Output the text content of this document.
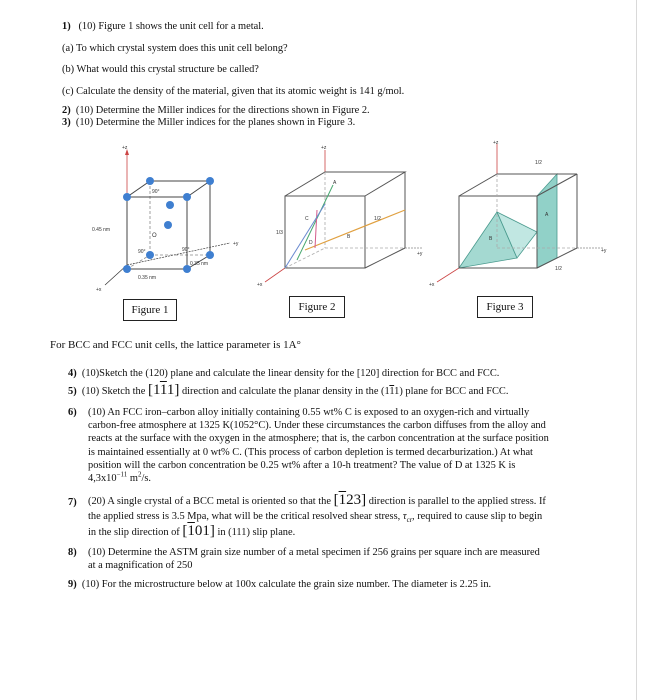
1) (10) Figure 1 shows the unit cell for a metal.
(a) To which crystal system does this unit cell belong?
(b) What would this crystal structure be called?
(c) Calculate the density of the material, given that its atomic weight is 141 g/mol.
2) (10) Determine the Miller indices for the directions shown in Figure 2.
3) (10) Determine the Miller indices for the planes shown in Figure 3.
90°
90°	90°
O
0.45 nm
0.35 nm
0.35 nm
+z
+y
+x
Figure 1
A
C
D
B
1/2
1/3
+z
+y
+x
Figure 2
A
B
1/2
1/2
+y
+x
+z
Figure 3
For BCC and FCC unit cells, the lattice parameter is 1A°
4) (10)Sketch the (120) plane and calculate the linear density for the [120] direction for BCC and FCC.
5) (10) Sketch the [111] direction and calculate the planar density in the (111) plane for BCC and FCC.
6) (10) An FCC iron–carbon alloy initially containing 0.55 wt% C is exposed to an oxygen-rich and virtually
carbon-free atmosphere at 1325 K(1052°C). Under these circumstances the carbon diffuses from the alloy and
reacts at the surface with the oxygen in the atmosphere; that is, the carbon concentration at the surface position
is maintained essentially at 0 wt% C. (This process of carbon depletion is termed decarburization.) At what
position will the carbon concentration be 0.25 wt% after a 10-h treatment? The value of D at 1325 K is
$4,3x10^{-11}$ $m^2/s$.
7) (20) A single crystal of a BCC metal is oriented so that the [123] direction is parallel to the applied stress. If
the applied stress is 3.5 Mpa, what will be the critical resolved shear stress, $\tau_{cr}$, required to cause slip to begin
in the slip direction of [101] in (111) slip plane.
8) (10) Determine the ASTM grain size number of a metal specimen if 256 grains per square inch are measured
at a magnification of 250
9) (10) For the microstructure below at 100x calculate the grain size number. The diameter is 2.25 in.
